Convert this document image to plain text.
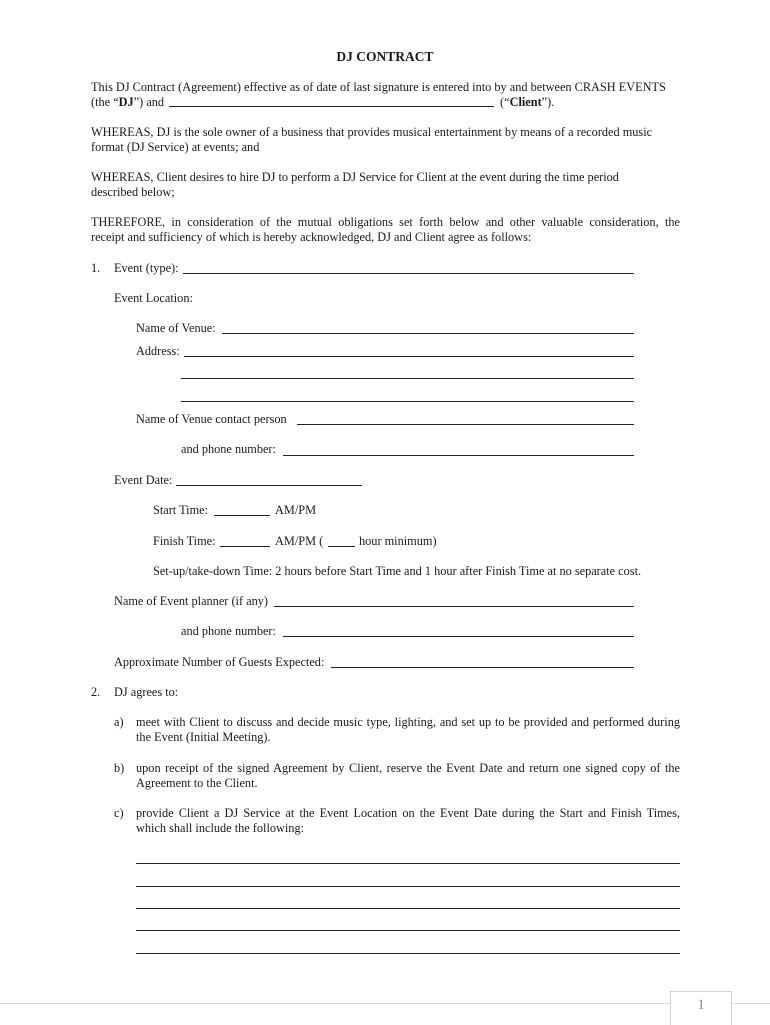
DJ CONTRACT
This DJ Contract (Agreement) effective as of date of last signature is entered into by and between CRASH EVENTS
(the “DJ”) and	(“Client”).
WHEREAS, DJ is the sole owner of a business that provides musical entertainment by means of a recorded music
format (DJ Service) at events; and
WHEREAS, Client desires to hire DJ to perform a DJ Service for Client at the event during the time period
described below;
THEREFORE, in consideration of the mutual obligations set forth below and other valuable consideration, the
receipt and sufficiency of which is hereby acknowledged, DJ and Client agree as follows:
1. Event (type):
Event Location:
Name of Venue:
Address:
Name of Venue contact person
and phone number:
Event Date:
Start Time:	AM/PM
Finish Time:	AM/PM (	hour minimum)
Set-up/take-down Time: 2 hours before Start Time and 1 hour after Finish Time at no separate cost.
Name of Event planner (if any)
and phone number:
Approximate Number of Guests Expected:
2. DJ agrees to:
a) meet with Client to discuss and decide music type, lighting, and set up to be provided and performed during
the Event (Initial Meeting).
b) upon receipt of the signed Agreement by Client, reserve the Event Date and return one signed copy of the
Agreement to the Client.
c) provide Client a DJ Service at the Event Location on the Event Date during the Start and Finish Times,
which shall include the following:
1
